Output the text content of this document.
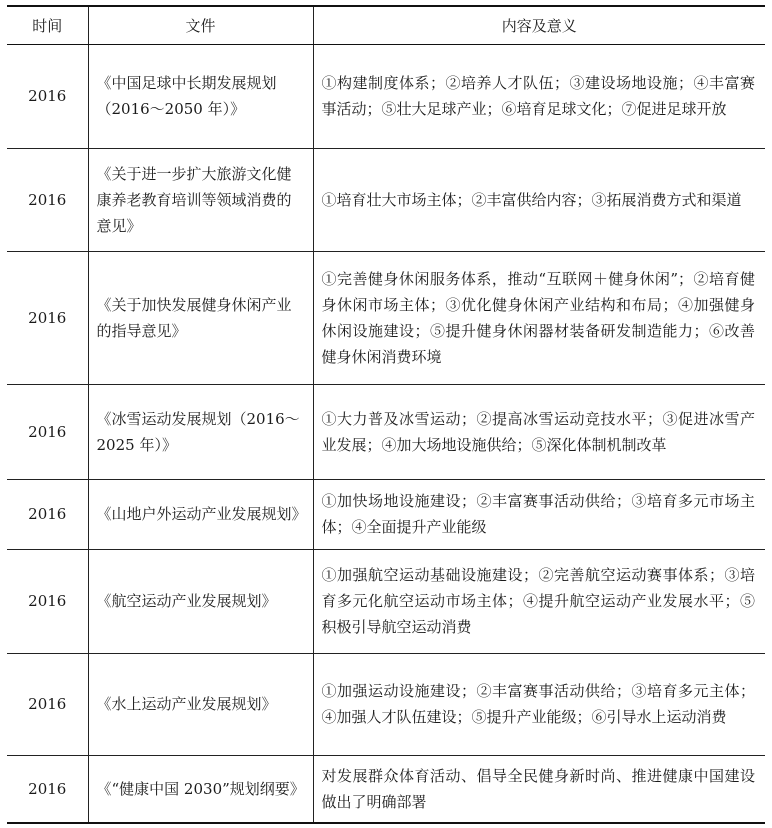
时间	文件	内容及意义
2016	《中国足球中长期发展规划（2016～2050 年）》	①构建制度体系；②培养人才队伍；③建设场地设施；④丰富赛事活动；⑤壮大足球产业；⑥培育足球文化；⑦促进足球开放
2016	《关于进一步扩大旅游文化健康养老教育培训等领域消费的意见》	①培育壮大市场主体；②丰富供给内容；③拓展消费方式和渠道
2016	《关于加快发展健身休闲产业的指导意见》	①完善健身休闲服务体系，推动“互联网＋健身休闲”；②培育健身休闲市场主体；③优化健身休闲产业结构和布局；④加强健身休闲设施建设；⑤提升健身休闲器材装备研发制造能力；⑥改善健身休闲消费环境
2016	《冰雪运动发展规划（2016～2025 年）》	①大力普及冰雪运动；②提高冰雪运动竞技水平；③促进冰雪产业发展；④加大场地设施供给；⑤深化体制机制改革
2016	《山地户外运动产业发展规划》	①加快场地设施建设；②丰富赛事活动供给；③培育多元市场主体；④全面提升产业能级
2016	《航空运动产业发展规划》	①加强航空运动基础设施建设；②完善航空运动赛事体系；③培育多元化航空运动市场主体；④提升航空运动产业发展水平；⑤积极引导航空运动消费
2016	《水上运动产业发展规划》	①加强运动设施建设；②丰富赛事活动供给；③培育多元主体；④加强人才队伍建设；⑤提升产业能级；⑥引导水上运动消费
2016	《“健康中国 2030”规划纲要》	对发展群众体育活动、倡导全民健身新时尚、推进健康中国建设做出了明确部署
